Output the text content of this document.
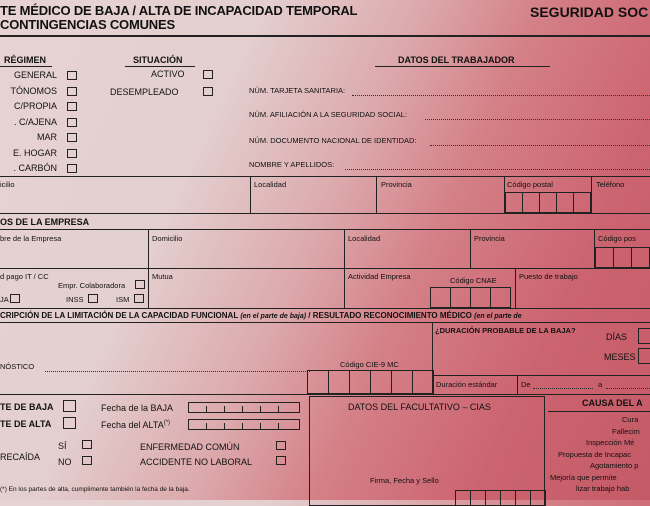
TE MÉDICO DE BAJA / ALTA DE INCAPACIDAD TEMPORAL
CONTINGENCIAS COMUNES
SEGURIDAD SOC
RÉGIMEN
GENERAL
TÓNOMOS
C/PROPIA
. C/AJENA
MAR
E. HOGAR
. CARBÓN
SITUACIÓN
ACTIVO
DESEMPLEADO
DATOS DEL TRABAJADOR
NÚM. TARJETA SANITARIA:
NÚM. AFILIACIÓN A LA SEGURIDAD SOCIAL:
NÚM. DOCUMENTO NACIONAL DE IDENTIDAD:
NOMBRE Y APELLIDOS:
icilio	Localidad	Provincia	Código postal	Teléfono
OS DE LA EMPRESA
bre de la Empresa	Domicilio	Localidad	Provincia	Código pos
d pago IT / CC
Empr. Colaboradora
JA	INSS	ISM
Mutua	Actividad Empresa	Código CNAE	Puesto de trabajo
CRIPCIÓN DE LA LIMITACIÓN DE LA CAPACIDAD FUNCIONAL (en el parte de baja) / RESULTADO RECONOCIMIENTO MÉDICO (en el parte de
¿DURACIÓN PROBABLE DE LA BAJA?
DÍAS
MESES
NÓSTICO	Código CIE-9 MC
Duración estándar	De	a
TE DE BAJA
TE DE ALTA
Fecha de la BAJA
Fecha del ALTA(*)
RECAÍDA
SÍ
NO
ENFERMEDAD COMÚN
ACCIDENTE NO LABORAL
(*) En los partes de alta, cumplimente también la fecha de la baja.
DATOS DEL FACULTATIVO – CIAS
Firma, Fecha y Sello
CAUSA DEL A
Cura
Fallecim
Inspección Mé
Propuesta de Incapac
Agotamiento p
Mejoría que permite
lizar trabajo hab
